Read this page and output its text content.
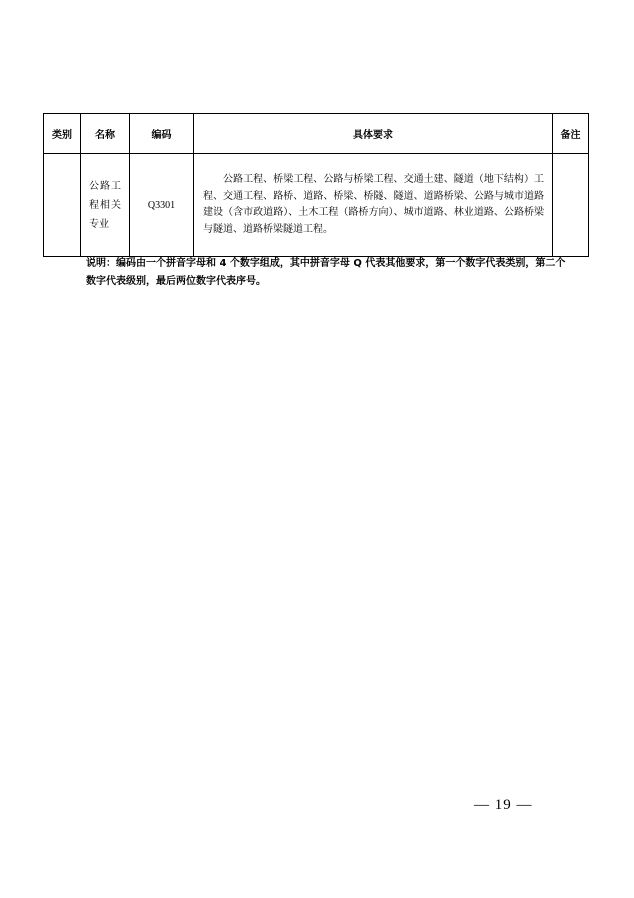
类别	名称	编码	具体要求	备注
	公路工程相关专业	Q3301	公路工程、桥梁工程、公路与桥梁工程、交通土建、隧道（地下结构）工程、交通工程、路桥、道路、桥梁、桥隧、隧道、道路桥梁、公路与城市道路建设（含市政道路）、土木工程（路桥方向）、城市道路、林业道路、公路桥梁与隧道、道路桥梁隧道工程。	
说明：编码由一个拼音字母和 4 个数字组成，其中拼音字母 Q 代表其他要求，第一个数字代表类别，第二个数字代表级别，最后两位数字代表序号。
— 19 —
